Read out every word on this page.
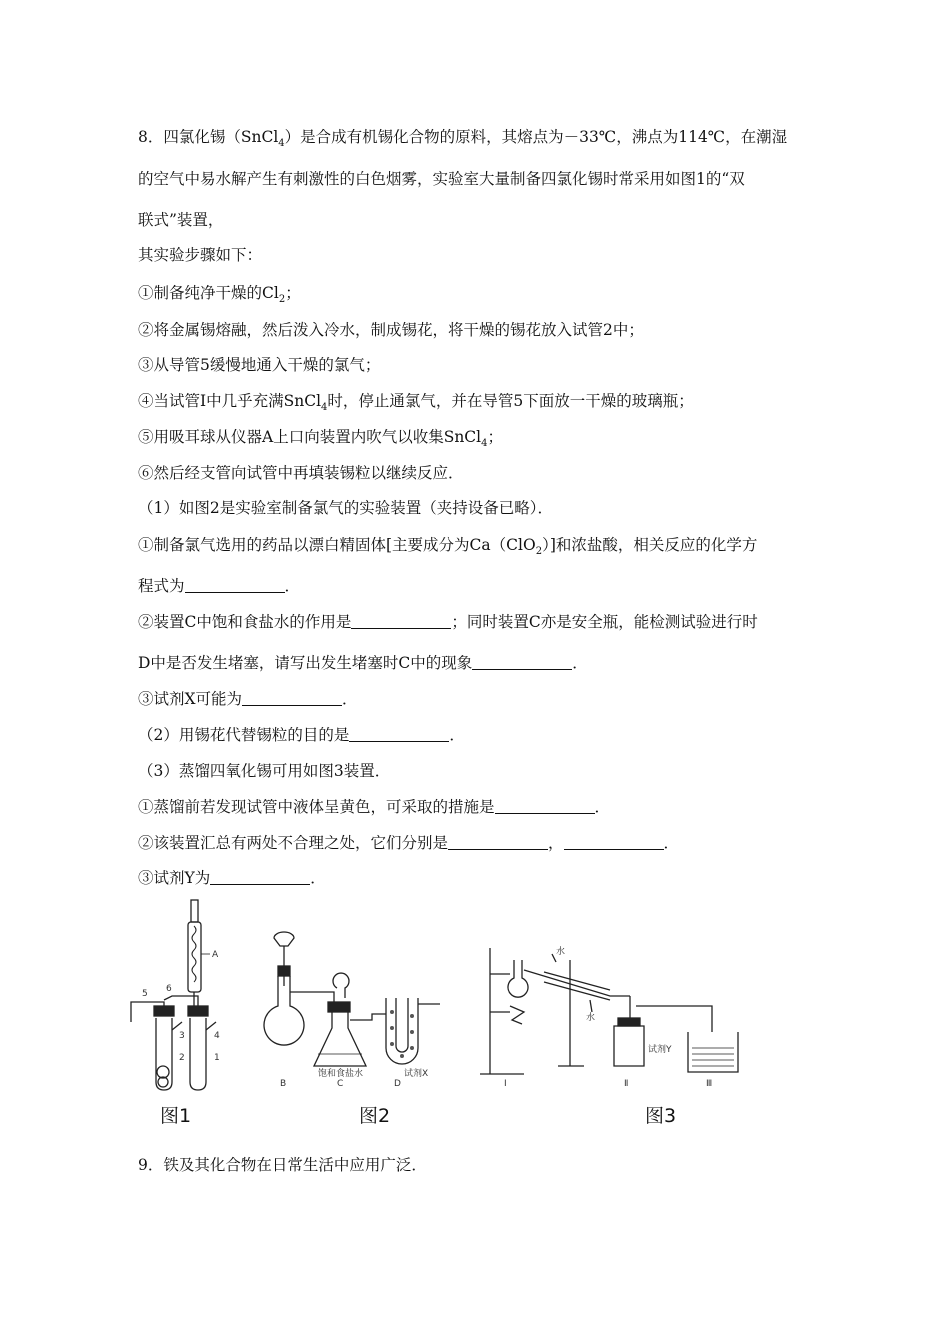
8．四氯化锡（SnCl$_4$）是合成有机锡化合物的原料，其熔点为－33℃，沸点为114℃，在潮湿
的空气中易水解产生有刺激性的白色烟雾，实验室大量制备四氯化锡时常采用如图1的“双
联式”装置，
其实验步骤如下：
①制备纯净干燥的$Cl_2$；
②将金属锡熔融，然后泼入冷水，制成锡花，将干燥的锡花放入试管2中；
③从导管5缓慢地通入干燥的氯气；
④当试管Ⅰ中几乎充满SnCl$_4$时，停止通氯气，并在导管5下面放一干燥的玻璃瓶；
⑤用吸耳球从仪器A上口向装置内吹气以收集SnCl$_4$；
⑥然后经支管向试管中再填装锡粒以继续反应．
（1）如图2是实验室制备氯气的实验装置（夹持设备已略）．
①制备氯气选用的药品以漂白精固体[主要成分为Ca（ClO$_2$）]和浓盐酸，相关反应的化学方
程式为	．
②装置C中饱和食盐水的作用是	；同时装置C亦是安全瓶，能检测试验进行时
D中是否发生堵塞，请写出发生堵塞时C中的现象	．
③试剂X可能为	．
（2）用锡花代替锡粒的目的是	．
（3）蒸馏四氧化锡可用如图3装置．
①蒸馏前若发现试管中液体呈黄色，可采取的措施是	．
②该装置汇总有两处不合理之处，它们分别是	，	．
③试剂Y为	．
A
5 6
3
2
4
1
B	C	D
饱和食盐水	试剂X
水
水
试剂Y
Ⅰ	Ⅱ	Ⅲ
图1	图2	图3
9．铁及其化合物在日常生活中应用广泛．
